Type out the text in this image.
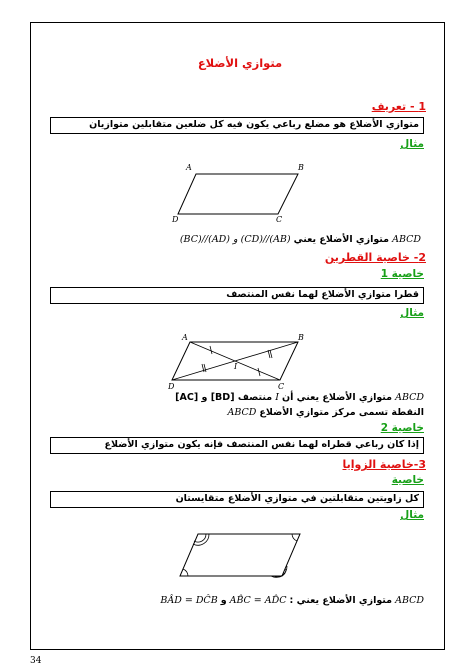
متوازي الأضلاع
1 - تعريف
متوازي الأضلاع هو مضلع رباعي يكون فيه كل ضلعين متقابلين متوازيان
مثال
A	B
C
D
ABCD متوازي الأضلاع يعني (AB)//(CD) و (AD)//(BC)
2- خاصية القطرين
خاصية 1
قطرا متوازي الأضلاع لهما نفس المنتصف
مثال
A	B
C
D
I
ABCD متوازي الأضلاع يعني أن I منتصف [BD] و [AC]
النقطة تسمى مركز متوازي الأضلاع ABCD
خاصية 2
إذا كان رباعي قطراه لهما نفس المنتصف فإنه يكون متوازي الأضلاع
3-خاصية الزوايا
خاصية
كل زاويتين متقابلتين في متوازي الأضلاع متقايستان
مثال
ABCD متوازي الأضلاع يعني : AB̂C = AD̂C و BÂD = DĈB
34
